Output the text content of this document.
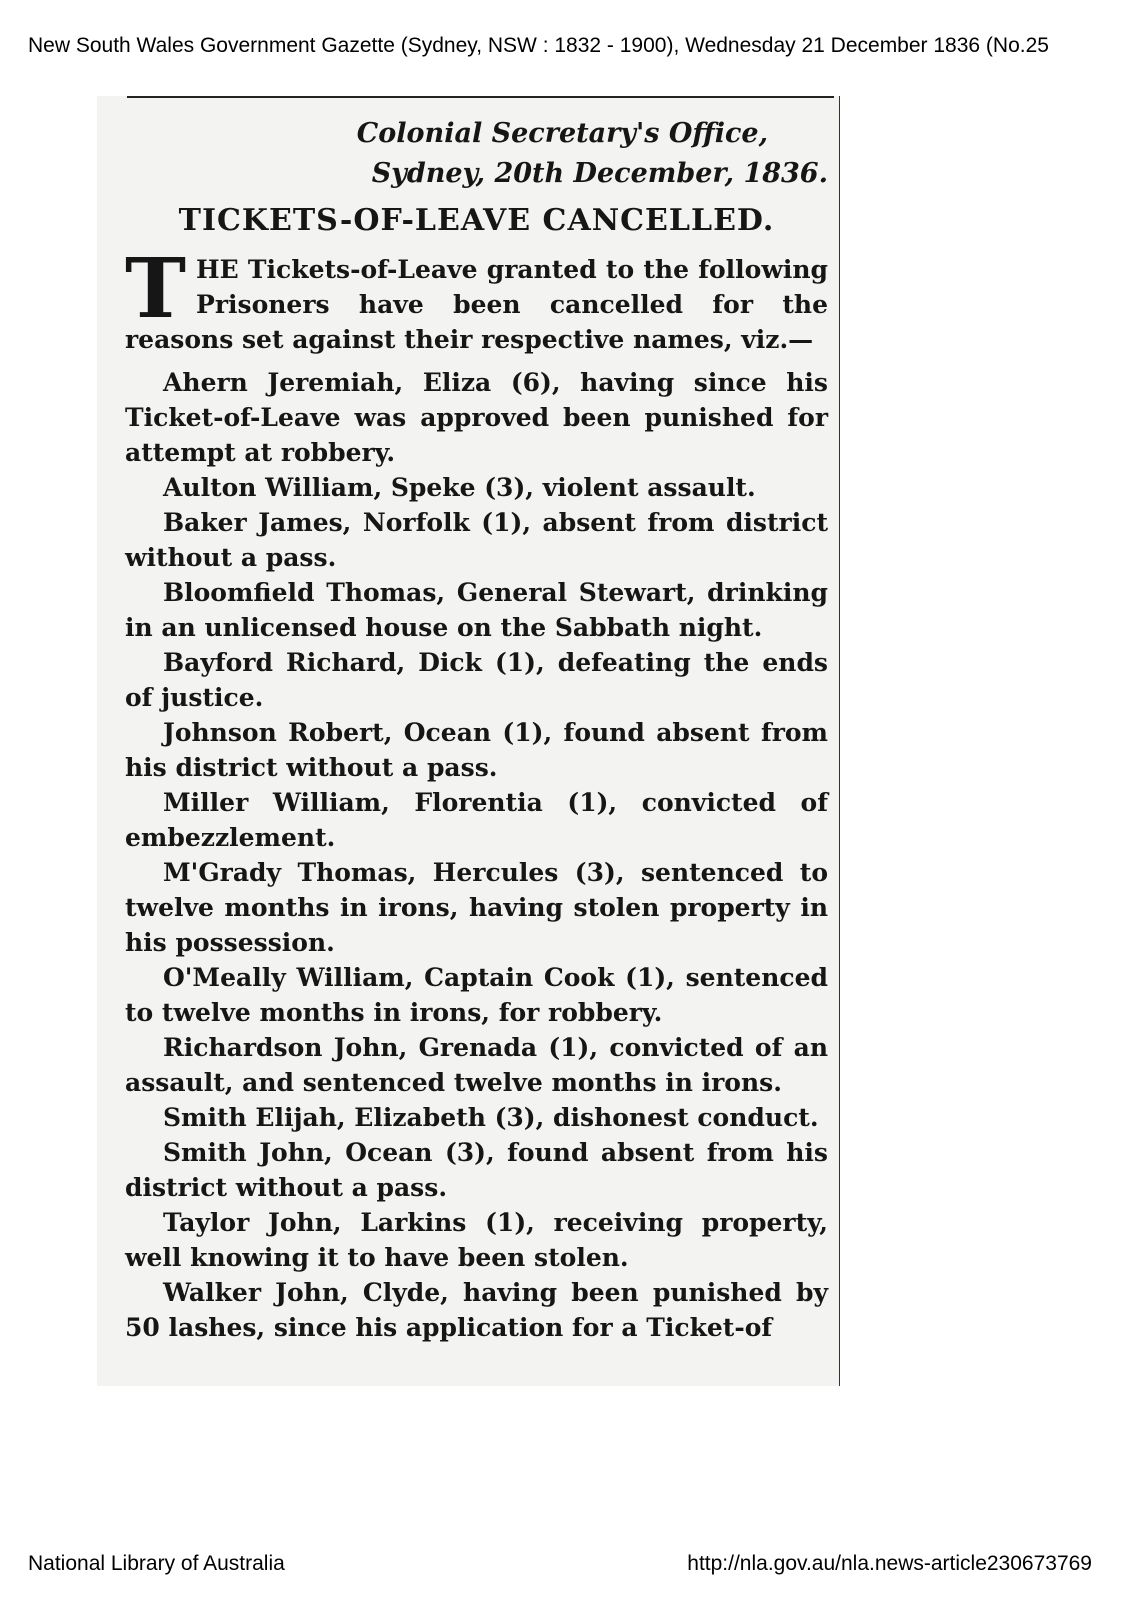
New South Wales Government Gazette (Sydney, NSW : 1832 - 1900), Wednesday 21 December 1836 (No.25

Colonial Secretary's Office,
Sydney, 20th December, 1836.

TICKETS-OF-LEAVE CANCELLED.

THE Tickets-of-Leave granted to the following Prisoners have been cancelled for the reasons set against their respective names, viz.—

Ahern Jeremiah, Eliza (6), having since his Ticket-of-Leave was approved been punished for attempt at robbery.

Aulton William, Speke (3), violent assault.

Baker James, Norfolk (1), absent from district without a pass.

Bloomfield Thomas, General Stewart, drinking in an unlicensed house on the Sabbath night.

Bayford Richard, Dick (1), defeating the ends of justice.

Johnson Robert, Ocean (1), found absent from his district without a pass.

Miller William, Florentia (1), convicted of embezzlement.

M'Grady Thomas, Hercules (3), sentenced to twelve months in irons, having stolen property in his possession.

O'Meally William, Captain Cook (1), sentenced to twelve months in irons, for robbery.

Richardson John, Grenada (1), convicted of an assault, and sentenced twelve months in irons.

Smith Elijah, Elizabeth (3), dishonest conduct.

Smith John, Ocean (3), found absent from his district without a pass.

Taylor John, Larkins (1), receiving property, well knowing it to have been stolen.

Walker John, Clyde, having been punished by 50 lashes, since his application for a Ticket-of

National Library of Australia	http://nla.gov.au/nla.news-article230673769
